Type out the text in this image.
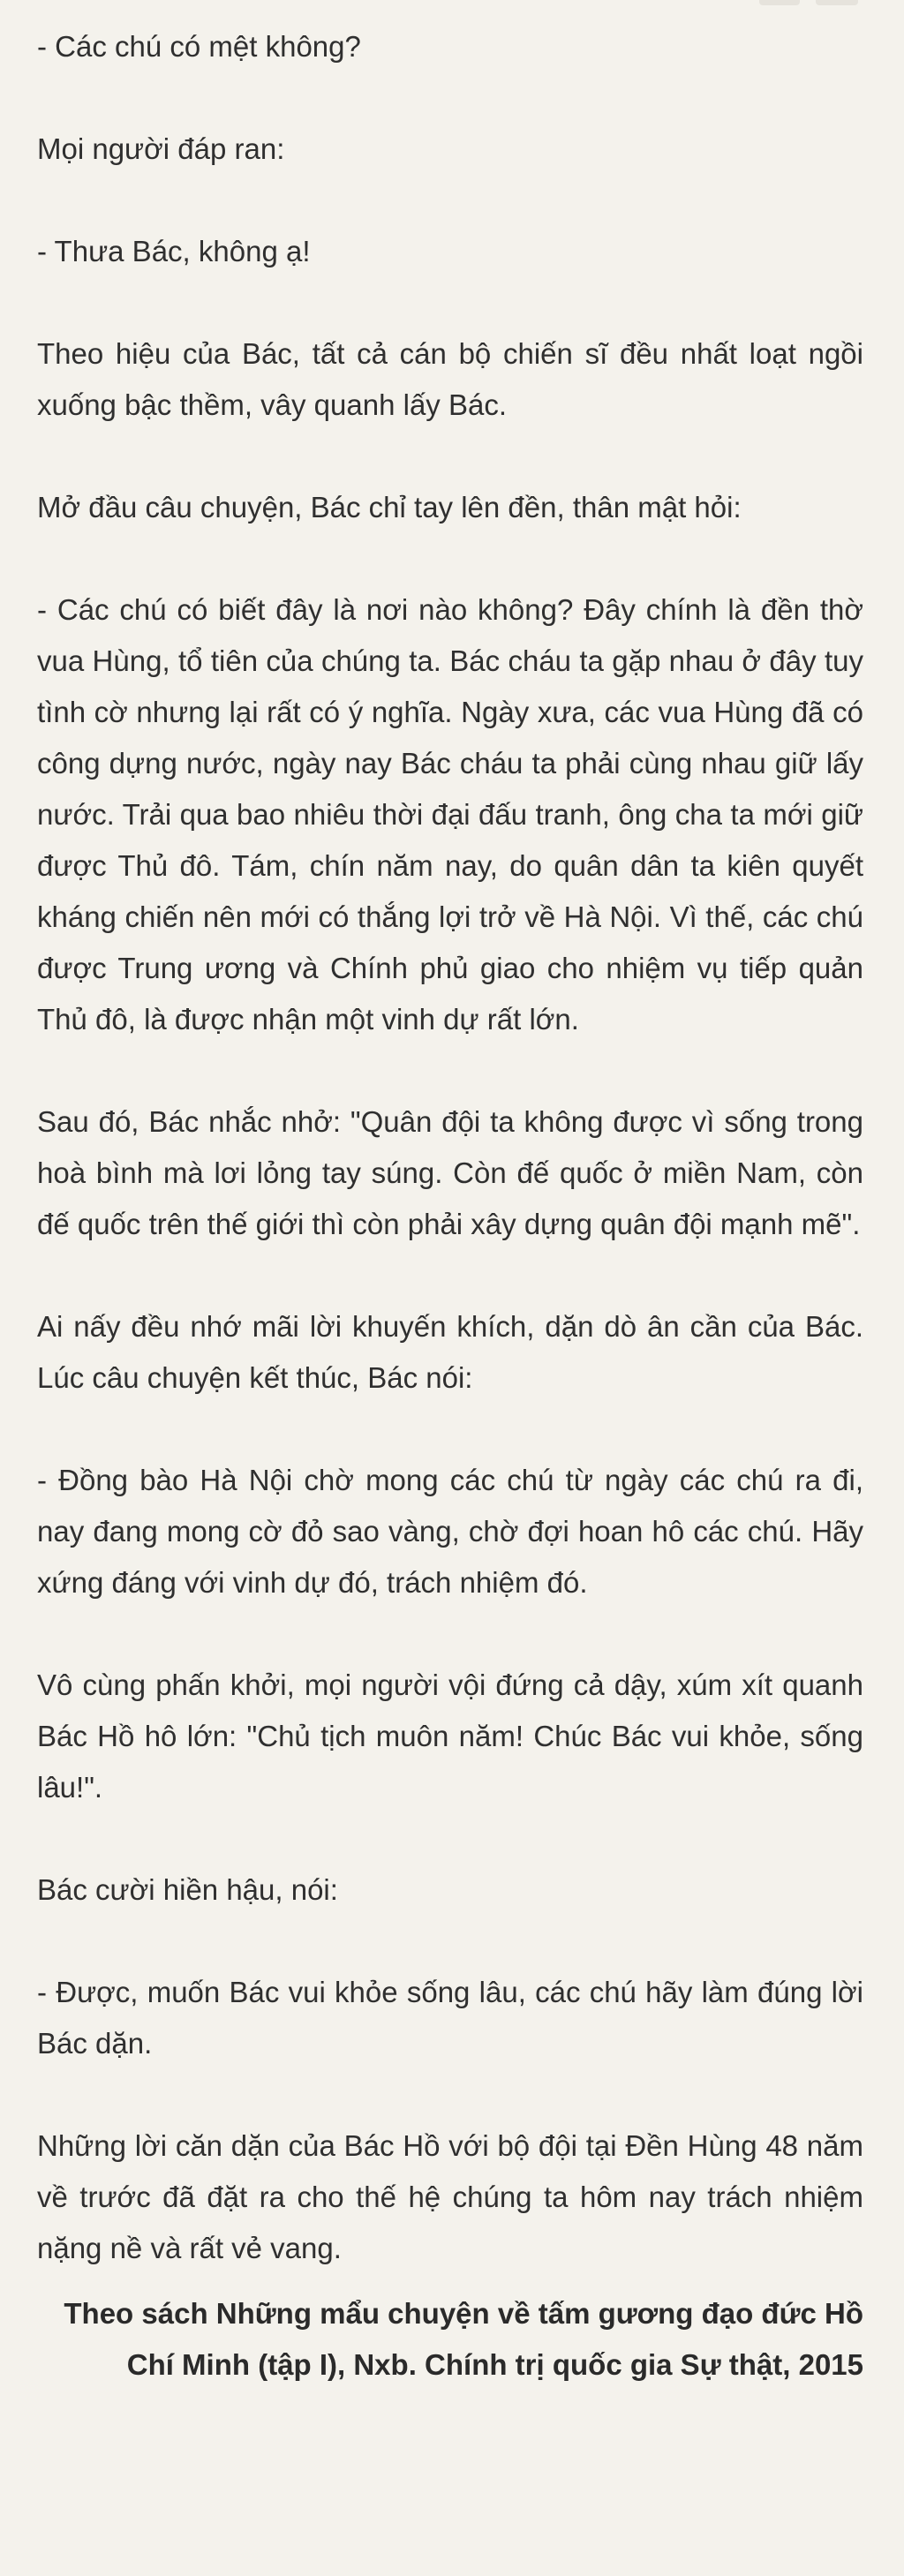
- Các chú có mệt không?

Mọi người đáp ran:

- Thưa Bác, không ạ!

Theo hiệu của Bác, tất cả cán bộ chiến sĩ đều nhất loạt ngồi xuống bậc thềm, vây quanh lấy Bác.

Mở đầu câu chuyện, Bác chỉ tay lên đền, thân mật hỏi:

- Các chú có biết đây là nơi nào không? Đây chính là đền thờ vua Hùng, tổ tiên của chúng ta. Bác cháu ta gặp nhau ở đây tuy tình cờ nhưng lại rất có ý nghĩa. Ngày xưa, các vua Hùng đã có công dựng nước, ngày nay Bác cháu ta phải cùng nhau giữ lấy nước. Trải qua bao nhiêu thời đại đấu tranh, ông cha ta mới giữ được Thủ đô. Tám, chín năm nay, do quân dân ta kiên quyết kháng chiến nên mới có thắng lợi trở về Hà Nội. Vì thế, các chú được Trung ương và Chính phủ giao cho nhiệm vụ tiếp quản Thủ đô, là được nhận một vinh dự rất lớn.

Sau đó, Bác nhắc nhở: "Quân đội ta không được vì sống trong hoà bình mà lơi lỏng tay súng. Còn đế quốc ở miền Nam, còn đế quốc trên thế giới thì còn phải xây dựng quân đội mạnh mẽ".

Ai nấy đều nhớ mãi lời khuyến khích, dặn dò ân cần của Bác. Lúc câu chuyện kết thúc, Bác nói:

- Đồng bào Hà Nội chờ mong các chú từ ngày các chú ra đi, nay đang mong cờ đỏ sao vàng, chờ đợi hoan hô các chú. Hãy xứng đáng với vinh dự đó, trách nhiệm đó.

Vô cùng phấn khởi, mọi người vội đứng cả dậy, xúm xít quanh Bác Hồ hô lớn: "Chủ tịch muôn năm! Chúc Bác vui khỏe, sống lâu!".

Bác cười hiền hậu, nói:

- Được, muốn Bác vui khỏe sống lâu, các chú hãy làm đúng lời Bác dặn.

Những lời căn dặn của Bác Hồ với bộ đội tại Đền Hùng 48 năm về trước đã đặt ra cho thế hệ chúng ta hôm nay trách nhiệm nặng nề và rất vẻ vang.

Theo sách Những mẩu chuyện về tấm gương đạo đức Hồ Chí Minh (tập I), Nxb. Chính trị quốc gia Sự thật, 2015
